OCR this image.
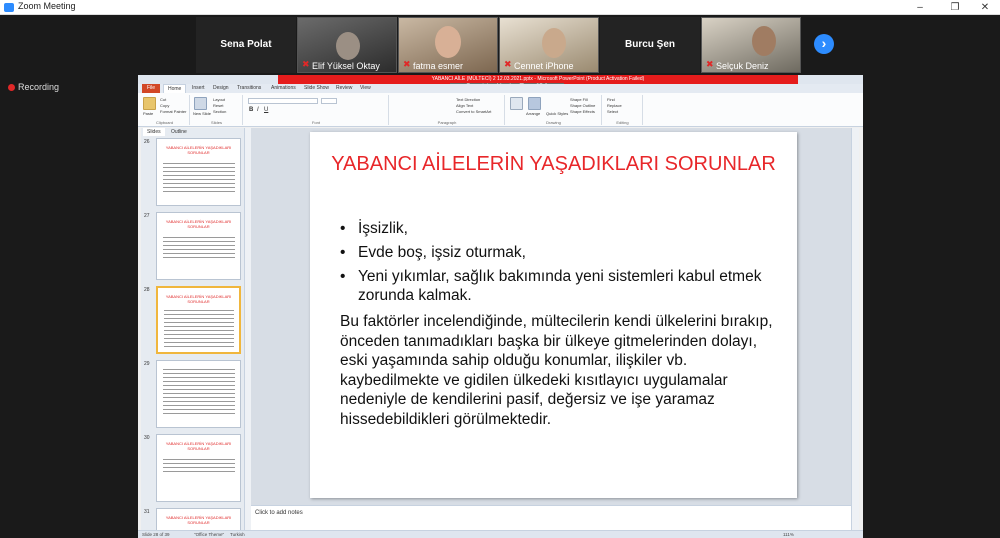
Zoom Meeting	–	❐	✕
Sena Polat
✖ Elif Yüksel Oktay	✖ fatma esmer	✖ Cennet iPhone
Burcu Şen
✖ Selçuk Deniz
›
Recording
YABANCI AİLE (MÜLTECİ) 2 12.03.2021.pptx - Microsoft PowerPoint (Product Activation Failed)
File	Home	Insert Design Transitions Animations Slide Show Review View
Paste
Cut
Copy
Format Painter
Clipboard
New Slide
Layout
Reset
Section
Slides
B I U
Font
Text Direction
Align Text
Convert to SmartArt
Paragraph
Arrange Quick Styles
Shape Fill
Shape Outline
Shape Effects
Drawing
Find
Replace
Select
Editing
Slides	Outline
26
YABANCI AİLELERİN YAŞADIKLARI SORUNLAR
27
YABANCI AİLELERİN YAŞADIKLARI SORUNLAR
28
YABANCI AİLELERİN YAŞADIKLARI SORUNLAR
29
30
YABANCI AİLELERİN YAŞADIKLARI SORUNLAR
31
YABANCI AİLELERİN YAŞADIKLARI SORUNLAR
YABANCI AİLELERİN YAŞADIKLARI SORUNLAR
• İşsizlik,
• Evde boş, işsiz oturmak,
• Yeni yıkımlar, sağlık bakımında yeni sistemleri kabul etmek zorunda kalmak.
Bu faktörler incelendiğinde, mültecilerin kendi ülkelerini bırakıp, önceden tanımadıkları başka bir ülkeye gitmelerinden dolayı, eski yaşamında sahip olduğu konumlar, ilişkiler vb. kaybedilmekte ve gidilen ülkedeki kısıtlayıcı uygulamalar nedeniyle de kendilerini pasif, değersiz ve işe yaramaz hissedebildikleri görülmektedir.
Click to add notes
Slide 28 of 39	"Office Theme" Turkish	111%
